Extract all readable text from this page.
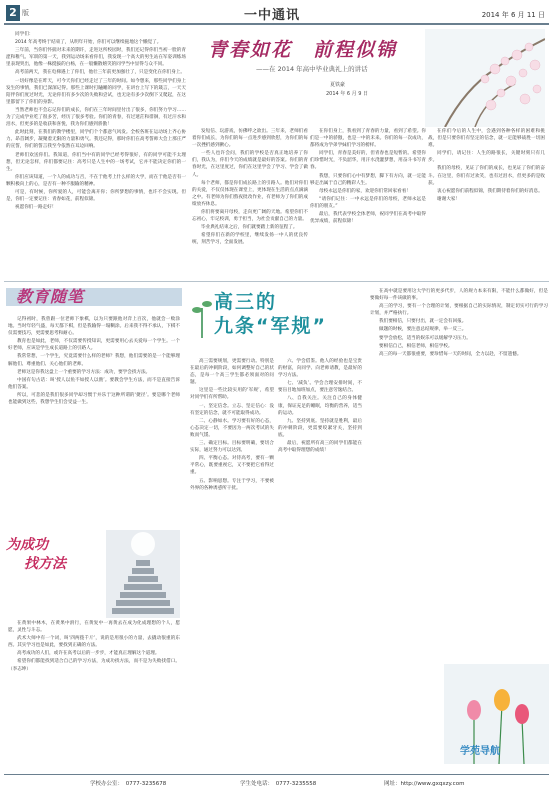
2 版	一中通讯	2014 年 6 月 11 日

同学们：

2014 年高考终于结束了，从明年开始，你们可以继续拖地这个懒觉了。

三年前，当你们怀揣对未来的期许，走进这所校园时，我们还记得你们当初一脸的青涩和稚气。军训的第一天，我到运动场来看你们，我发现一个高大的男生站在军姿训练场里表现突出，他像一株挺拔的白杨，在一般懒散嬉笑的同学当中显得与众不同。

高考前两天，我在电梯遇上了你们，他壮三年前更加强壮了，只是变化在你们身上。

一切好像是在昨天，可今天你们已经走过了三年的时间。如今想来，那些同学们身上发生的事情，我们已深深记得。那些上课时打瞌睡的同学，在讲台上写下的箴言，一天天陪伴你们度过时光，无论你们有多少次的失败和尝试，也无论有多少次倒下又爬起，在这里都留下了你们的身影。

当然老师也不会忘记你们的成长，你们在三年时间里付出了很多，你们努力学习……为了完成学业吃了很多苦，经历了很多考验。你们的青春，有过迷茫和徘徊，有过汗水和泪水，但更多的是收获和喜悦，我为你们感到骄傲！

此时此刻，在我们的教学楼里，同学们个个都意气风发。全校各班在运动场上齐心协力、昂首阔步，凝聚着无限的力量和勇气。我还记得，那时你们在高考誓师大会上那庄严的宣誓，你们的誓言我至今依然在耳边回响。

老师们欢送你们。我知道，你们当中有的同学已经考得很好，有的同学可能不太理想，但无论怎样，你们都要记住：高考只是人生中的一场考试，它并不能决定你们的一生。

你们应该知道，一个人的成功与否，不在于他考上什么样的大学，而在于他是否有一颗积极向上的心，是否有一种不服输的精神。

可是，有时候，你所爱的人，可能会离开你；你所梦想的事情，也许不会实现。但是，你们一定要记住：青春如花，前程似锦。

祝愿你们一路走好！

青春如花　前程似锦
——在 2014 年高中毕业典礼上的讲话
夏铁豪
2014 年 6 月 9 日

发短信、玩游戏，仿佛呼之欲出。三年来，老师们看着你们成长，为你们的每一点进步感到欣慰，为你们的每一次挫折感到揪心。

一些人也许会问，我们的学校是否真正地培养了你们，我认为，你们今天的成绩就是最好的答案。你们的青春时光，在这里度过，你们在这里学会了学习、学会了做人。

每个老师，都是你们成长路上的引路人。他们对你们的关爱，不仅仅体现在课堂上，更体现在生活的点点滴滴之中。有老师为你们熬夜批改作业，有老师为了你们的成绩放弃休息。

你们将要离开母校，走向更广阔的天地。希望你们不忘初心，牢记校训，勇于担当，为社会贡献自己的力量。

毕业典礼结束之后，你们就要踏上新的征程了。

希望你们在新的学校里，继续发扬一中人的优良传统，刻苦学习，全面发展。

在你们身上，我看到了青春的力量，看到了希望。你们是一中的骄傲，也是一中的未来。你们的每一次成功，都将成为学弟学妹们学习的榜样。

同学们，青春是美好的，但青春也是短暂的。希望你们珍惜时光，不负韶华，用汗水浇灌梦想，用奋斗书写青春。

我想，只要你们心中有梦想，脚下有方向，就一定能够走出属于自己的精彩人生。

母校永远是你们的家，欢迎你们常回家看看！

“请你们记住：一中永远是你们的母校，老师永远是你们的朋友。”

最后，我代表学校全体老师，祝同学们在高考中取得优异成绩，前程似锦！

在你们今后的人生中，会遇到各种各样的困难和挑战，但是只要你们有坚定的信念，就一定能够战胜一切困难。

同学们，请记住：人生的路很长，关键时刻只有几步。

我们的母校，见证了你们的成长，也见证了你们的奋斗。在这里，你们有过欢笑，也有过泪水，但更多的是收获。

衷心祝愿你们前程似锦，我们期待着你们的好消息。

谢谢大家！

教育随笔

记得初时，我曾跟一位老师下象棋，以为只要跟他对弈上百次，他就会一败涂地。当时年轻气盛，每天都下棋，但是我输得一塌糊涂。后来我不得不承认，下棋不仅需要技巧，更需要思考和耐心。

教育也是如此，老师，不仅需要传授知识，更需要用心去关爱每一个学生。一个好老师，应该是学生成长道路上的引路人。

我常常想，一个学生，究竟需要什么样的老师？我想，他们需要的是一个能够理解他们、尊重他们、关心他们的老师。

老师这是你我这盘上一个重要的学习方法：成功，要学会找方法。

中国有句古话：叫‘授人以鱼不如授人以渔’。要教会学生方法，而不是直接告诉他们答案。

所以，可悲的是我们很多同学却习惯于并乐于这种所谓的‘捷径’。要是哪个老师也能做到这些，我想学生们会受益一生。

为成功
找方法

在黄果中林木，在黄果中滑行，在黄复中一再黄去在成为化成理想的个人，愿愿，灵性与斗志。

武术大师中有一个词，叫‘四两拨千斤’，说的是用很小的力量，去撬动很重的东西。其实学习也是如此，要找到正确的方法。

高考成功的人们，或许在高考以后的一步步，才能真正理解这个道理。

希望你们都能找到适合自己的学习方法，为成功找方法，而不是为失败找借口。（李志坤）

高三的
九条“军规”

高三需要规划，更需要行动。特别是在最后的冲刺阶段，如何调整好自己的状态，是每一个高三学生都必须面对的问题。

这里是一些比较实用的‘军规’，希望对同学们有所帮助。

一、坚定信念。立志、坚定信心：没有坚定的信念，就不可能取得成功。

二、心静如水。学习要有好的心态，心态决定一切，不要因为一两次考试的失败而气馁。

三、确定目标。目标要明确，要切合实际，通过努力可以达到。

四、平衡心态。对待高考，要有一颗平常心，既要重视它，又不要把它看得过重。

五、影响思想。专注于学习，不要被外界的各种诱惑所干扰。

六、学会借鉴。他人的经验也是宝贵的财富，向同学、向老师请教，是最好的学习方法。

七、‘减负’。学会合理安排时间，不要盲目地加班加点，要注意劳逸结合。

八、自我关注。关注自己的身体健康，保证充足的睡眠，均衡的营养，适当的运动。

九、坚持到底。坚持就是胜利，最后的冲刺阶段，更需要咬紧牙关，坚持到底。

最后，祝愿所有高三的同学们都能在高考中取得理想的成绩！

在高中就是要用这大学行的更多代步，人的规力本来有限，不能什么都做好，但是要做好每一件该做的事。

高三的学习，要有一个合理的计划，要根据自己的实际情况，制定切实可行的学习计划，并严格执行。

我们要相信，只要付出，就一定会有回报。

做题的时候，要注意总结规律，举一反三。

要学会放松，适当的娱乐可以缓解学习压力。

要相信自己，相信老师，相信学校。

高三的每一天都很重要，要珍惜每一天的时间，全力以赴，不留遗憾。

学苑导航
学校办公室：　0777-3235678	学生处电话：　0777-3235558	网址：http://www.gxqxzy.com
